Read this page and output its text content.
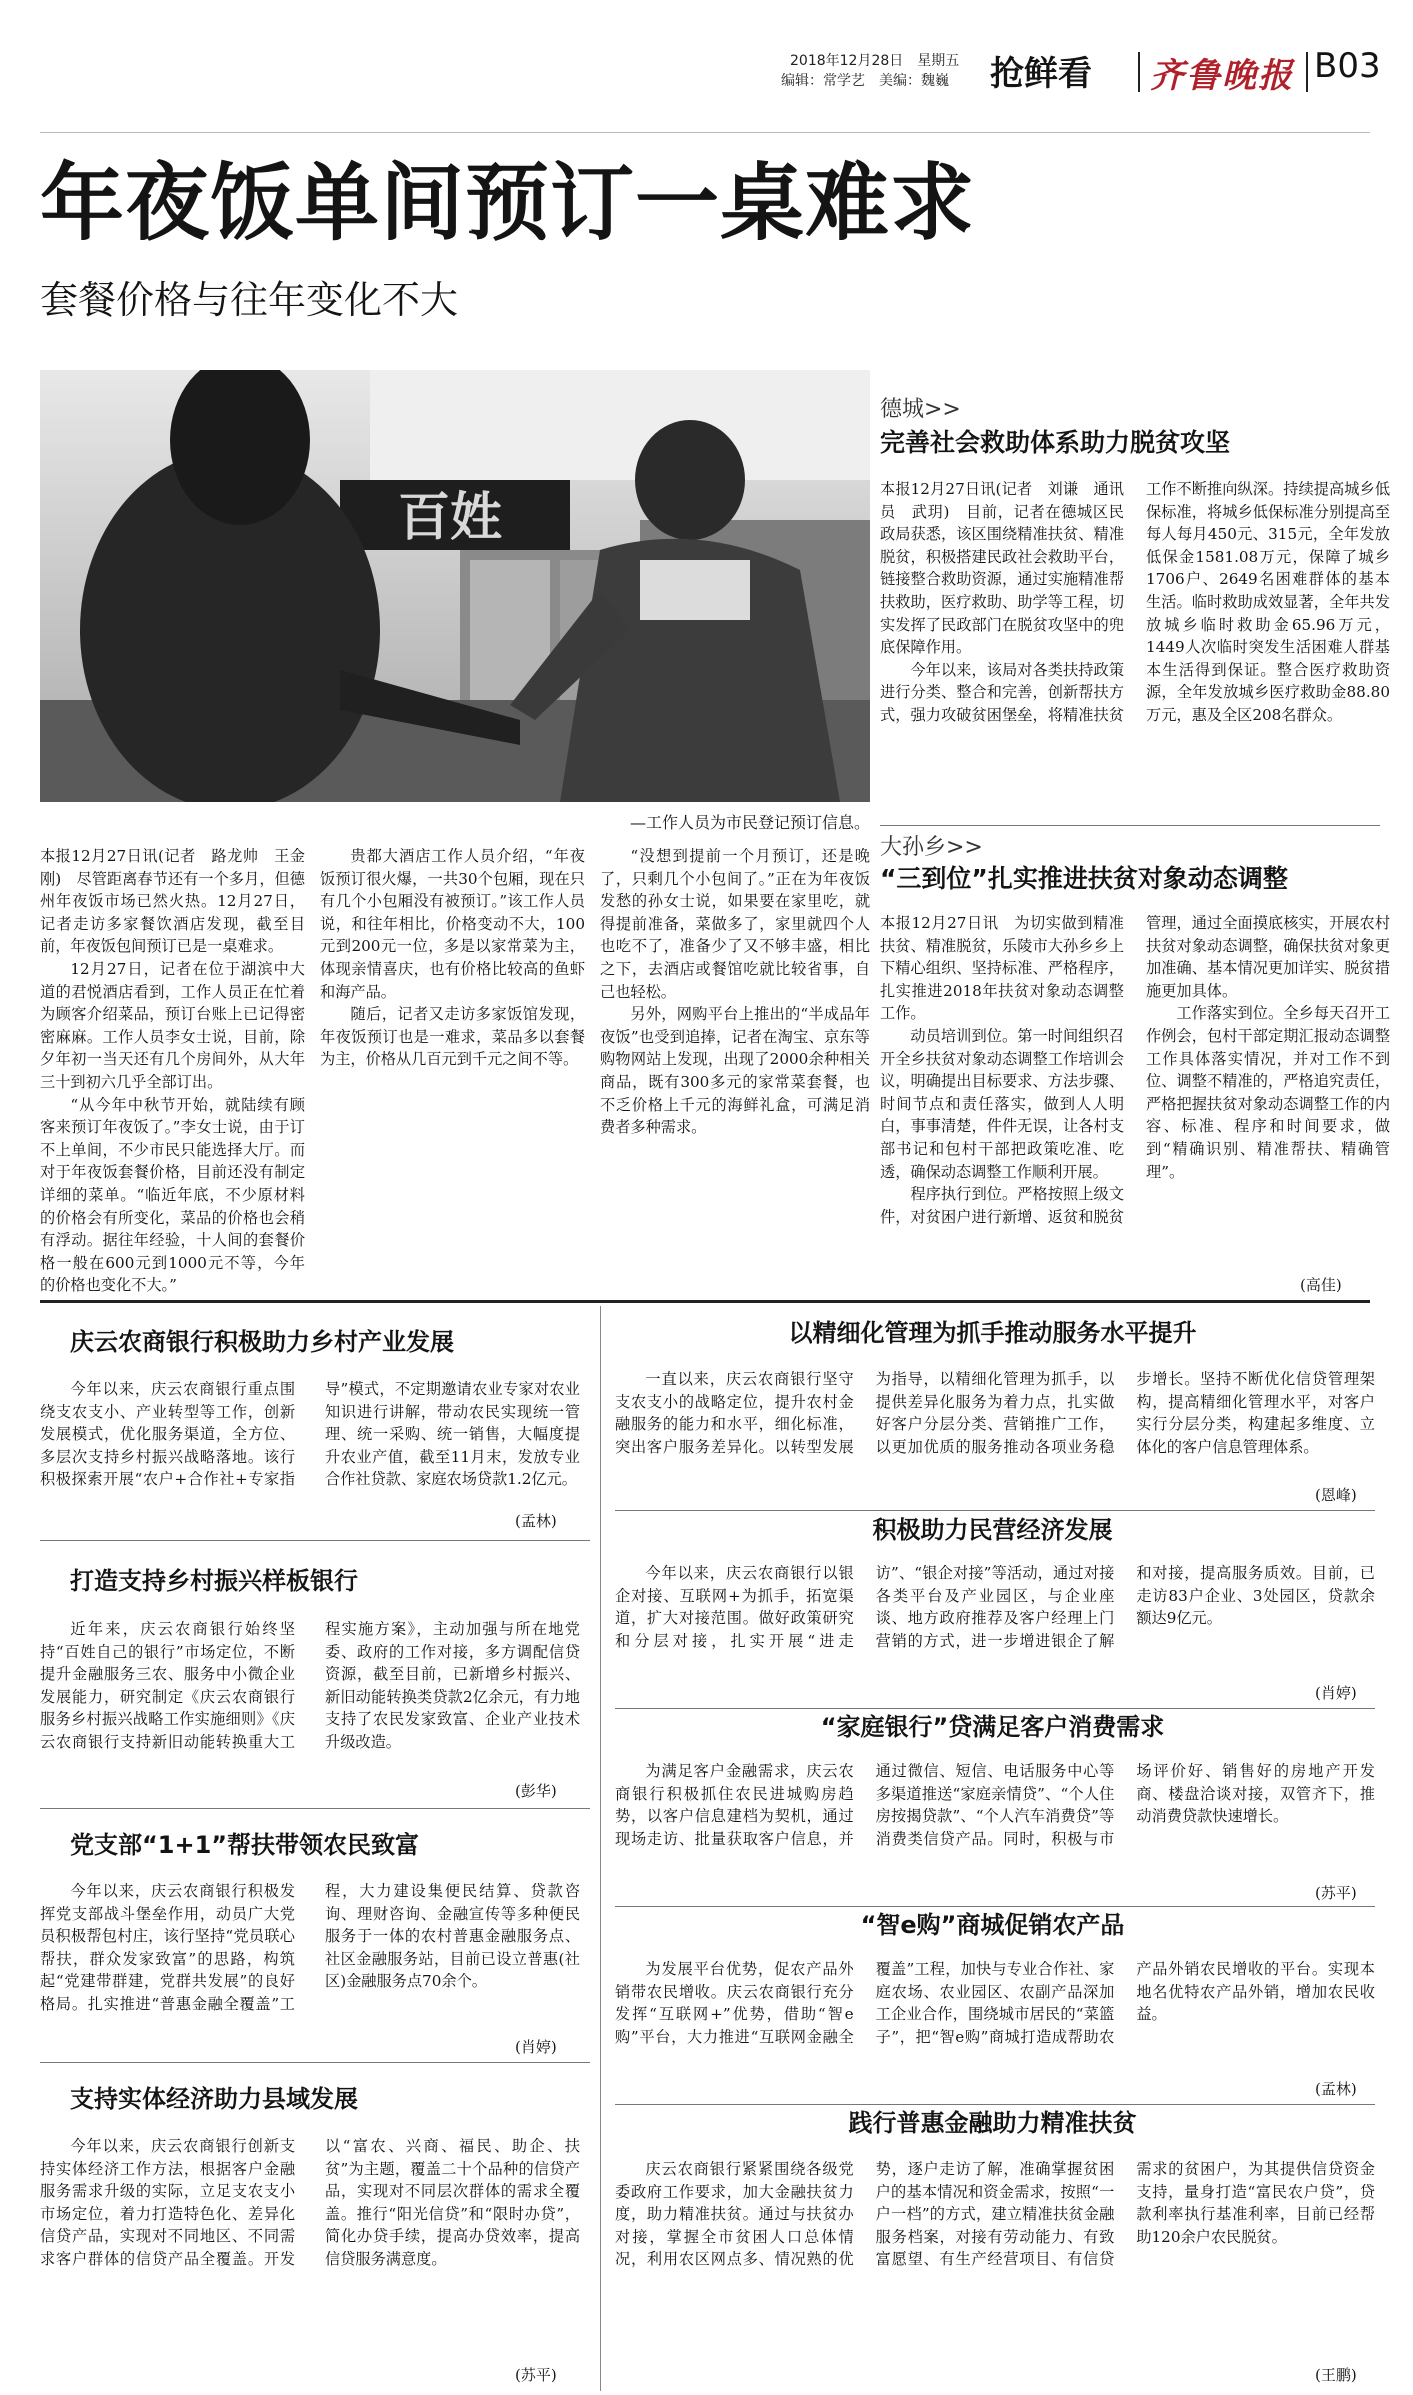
2018年12月28日　星期五
编辑：常学艺　美编：魏巍 抢鲜看 齐鲁晚报 B03
年夜饭单间预订一桌难求
套餐价格与往年变化不大
百姓
—工作人员为市民登记预订信息。

本报12月27日讯(记者　路龙帅　王金刚)　尽管距离春节还有一个多月，但德州年夜饭市场已然火热。12月27日，记者走访多家餐饮酒店发现，截至目前，年夜饭包间预订已是一桌难求。

12月27日，记者在位于湖滨中大道的君悦酒店看到，工作人员正在忙着为顾客介绍菜品，预订台账上已记得密密麻麻。工作人员李女士说，目前，除夕年初一当天还有几个房间外，从大年三十到初六几乎全部订出。

“从今年中秋节开始，就陆续有顾客来预订年夜饭了。”李女士说，由于订不上单间，不少市民只能选择大厅。而对于年夜饭套餐价格，目前还没有制定详细的菜单。“临近年底，不少原材料的价格会有所变化，菜品的价格也会稍有浮动。据往年经验，十人间的套餐价格一般在600元到1000元不等，今年的价格也变化不大。”

贵都大酒店工作人员介绍，“年夜饭预订很火爆，一共30个包厢，现在只有几个小包厢没有被预订。”该工作人员说，和往年相比，价格变动不大，100元到200元一位，多是以家常菜为主，体现亲情喜庆，也有价格比较高的鱼虾和海产品。

随后，记者又走访多家饭馆发现，年夜饭预订也是一难求，菜品多以套餐为主，价格从几百元到千元之间不等。

“没想到提前一个月预订，还是晚了，只剩几个小包间了。”正在为年夜饭发愁的孙女士说，如果要在家里吃，就得提前准备，菜做多了，家里就四个人也吃不了，准备少了又不够丰盛，相比之下，去酒店或餐馆吃就比较省事，自己也轻松。

另外，网购平台上推出的“半成品年夜饭”也受到追捧，记者在淘宝、京东等购物网站上发现，出现了2000余种相关商品，既有300多元的家常菜套餐，也不乏价格上千元的海鲜礼盒，可满足消费者多种需求。

德城>>
完善社会救助体系助力脱贫攻坚

本报12月27日讯(记者　刘谦　通讯员　武玥)　目前，记者在德城区民政局获悉，该区围绕精准扶贫、精准脱贫，积极搭建民政社会救助平台，链接整合救助资源，通过实施精准帮扶救助，医疗救助、助学等工程，切实发挥了民政部门在脱贫攻坚中的兜底保障作用。

今年以来，该局对各类扶持政策进行分类、整合和完善，创新帮扶方式，强力攻破贫困堡垒，将精准扶贫工作不断推向纵深。持续提高城乡低保标准，将城乡低保标准分别提高至每人每月450元、315元，全年发放低保金1581.08万元，保障了城乡1706户、2649名困难群体的基本生活。临时救助成效显著，全年共发放城乡临时救助金65.96万元，1449人次临时突发生活困难人群基本生活得到保证。整合医疗救助资源，全年发放城乡医疗救助金88.80万元，惠及全区208名群众。

大孙乡>>
“三到位”扎实推进扶贫对象动态调整

本报12月27日讯　为切实做到精准扶贫、精准脱贫，乐陵市大孙乡乡上下精心组织、坚持标准、严格程序，扎实推进2018年扶贫对象动态调整工作。

动员培训到位。第一时间组织召开全乡扶贫对象动态调整工作培训会议，明确提出目标要求、方法步骤、时间节点和责任落实，做到人人明白，事事清楚，件件无误，让各村支部书记和包村干部把政策吃准、吃透，确保动态调整工作顺利开展。

程序执行到位。严格按照上级文件，对贫困户进行新增、返贫和脱贫管理，通过全面摸底核实，开展农村扶贫对象动态调整，确保扶贫对象更加准确、基本情况更加详实、脱贫措施更加具体。

工作落实到位。全乡每天召开工作例会，包村干部定期汇报动态调整工作具体落实情况，并对工作不到位、调整不精准的，严格追究责任，严格把握扶贫对象动态调整工作的内容、标准、程序和时间要求，做到“精确识别、精准帮扶、精确管理”。

(高佳)
庆云农商银行积极助力乡村产业发展

今年以来，庆云农商银行重点围绕支农支小、产业转型等工作，创新发展模式，优化服务渠道，全方位、多层次支持乡村振兴战略落地。该行积极探索开展“农户+合作社+专家指导”模式，不定期邀请农业专家对农业知识进行讲解，带动农民实现统一管理、统一采购、统一销售，大幅度提升农业产值，截至11月末，发放专业合作社贷款、家庭农场贷款1.2亿元。

(孟林)
打造支持乡村振兴样板银行

近年来，庆云农商银行始终坚持“百姓自己的银行”市场定位，不断提升金融服务三农、服务中小微企业发展能力，研究制定《庆云农商银行服务乡村振兴战略工作实施细则》《庆云农商银行支持新旧动能转换重大工程实施方案》，主动加强与所在地党委、政府的工作对接，多方调配信贷资源，截至目前，已新增乡村振兴、新旧动能转换类贷款2亿余元，有力地支持了农民发家致富、企业产业技术升级改造。

(彭华)
党支部“1+1”帮扶带领农民致富

今年以来，庆云农商银行积极发挥党支部战斗堡垒作用，动员广大党员积极帮包村庄，该行坚持“党员联心帮扶，群众发家致富”的思路，构筑起“党建带群建，党群共发展”的良好格局。扎实推进“普惠金融全覆盖”工程，大力建设集便民结算、贷款咨询、理财咨询、金融宣传等多种便民服务于一体的农村普惠金融服务点、社区金融服务站，目前已设立普惠(社区)金融服务点70余个。

(肖婷)
支持实体经济助力县域发展

今年以来，庆云农商银行创新支持实体经济工作方法，根据客户金融服务需求升级的实际，立足支农支小市场定位，着力打造特色化、差异化信贷产品，实现对不同地区、不同需求客户群体的信贷产品全覆盖。开发以“富农、兴商、福民、助企、扶贫”为主题，覆盖二十个品种的信贷产品，实现对不同层次群体的需求全覆盖。推行“阳光信贷”和“限时办贷”，简化办贷手续，提高办贷效率，提高信贷服务满意度。

(苏平)
以精细化管理为抓手推动服务水平提升

一直以来，庆云农商银行坚守支农支小的战略定位，提升农村金融服务的能力和水平，细化标准，突出客户服务差异化。以转型发展为指导，以精细化管理为抓手，以提供差异化服务为着力点，扎实做好客户分层分类、营销推广工作，以更加优质的服务推动各项业务稳步增长。坚持不断优化信贷管理架构，提高精细化管理水平，对客户实行分层分类，构建起多维度、立体化的客户信息管理体系。

(恩峰)
积极助力民营经济发展

今年以来，庆云农商银行以银企对接、互联网+为抓手，拓宽渠道，扩大对接范围。做好政策研究和分层对接，扎实开展“进走访”、“银企对接”等活动，通过对接各类平台及产业园区，与企业座谈、地方政府推荐及客户经理上门营销的方式，进一步增进银企了解和对接，提高服务质效。目前，已走访83户企业、3处园区，贷款余额达9亿元。

(肖婷)
“家庭银行”贷满足客户消费需求

为满足客户金融需求，庆云农商银行积极抓住农民进城购房趋势，以客户信息建档为契机，通过现场走访、批量获取客户信息，并通过微信、短信、电话服务中心等多渠道推送“家庭亲情贷”、“个人住房按揭贷款”、“个人汽车消费贷”等消费类信贷产品。同时，积极与市场评价好、销售好的房地产开发商、楼盘洽谈对接，双管齐下，推动消费贷款快速增长。

(苏平)
“智e购”商城促销农产品

为发展平台优势，促农产品外销带农民增收。庆云农商银行充分发挥“互联网+”优势，借助“智e购”平台，大力推进“互联网金融全覆盖”工程，加快与专业合作社、家庭农场、农业园区、农副产品深加工企业合作，围绕城市居民的“菜篮子”，把“智e购”商城打造成帮助农产品外销农民增收的平台。实现本地名优特农产品外销，增加农民收益。

(孟林)
践行普惠金融助力精准扶贫

庆云农商银行紧紧围绕各级党委政府工作要求，加大金融扶贫力度，助力精准扶贫。通过与扶贫办对接，掌握全市贫困人口总体情况，利用农区网点多、情况熟的优势，逐户走访了解，准确掌握贫困户的基本情况和资金需求，按照“一户一档”的方式，建立精准扶贫金融服务档案，对接有劳动能力、有致富愿望、有生产经营项目、有信贷需求的贫困户，为其提供信贷资金支持，量身打造“富民农户贷”，贷款利率执行基准利率，目前已经帮助120余户农民脱贫。

(王鹏)
